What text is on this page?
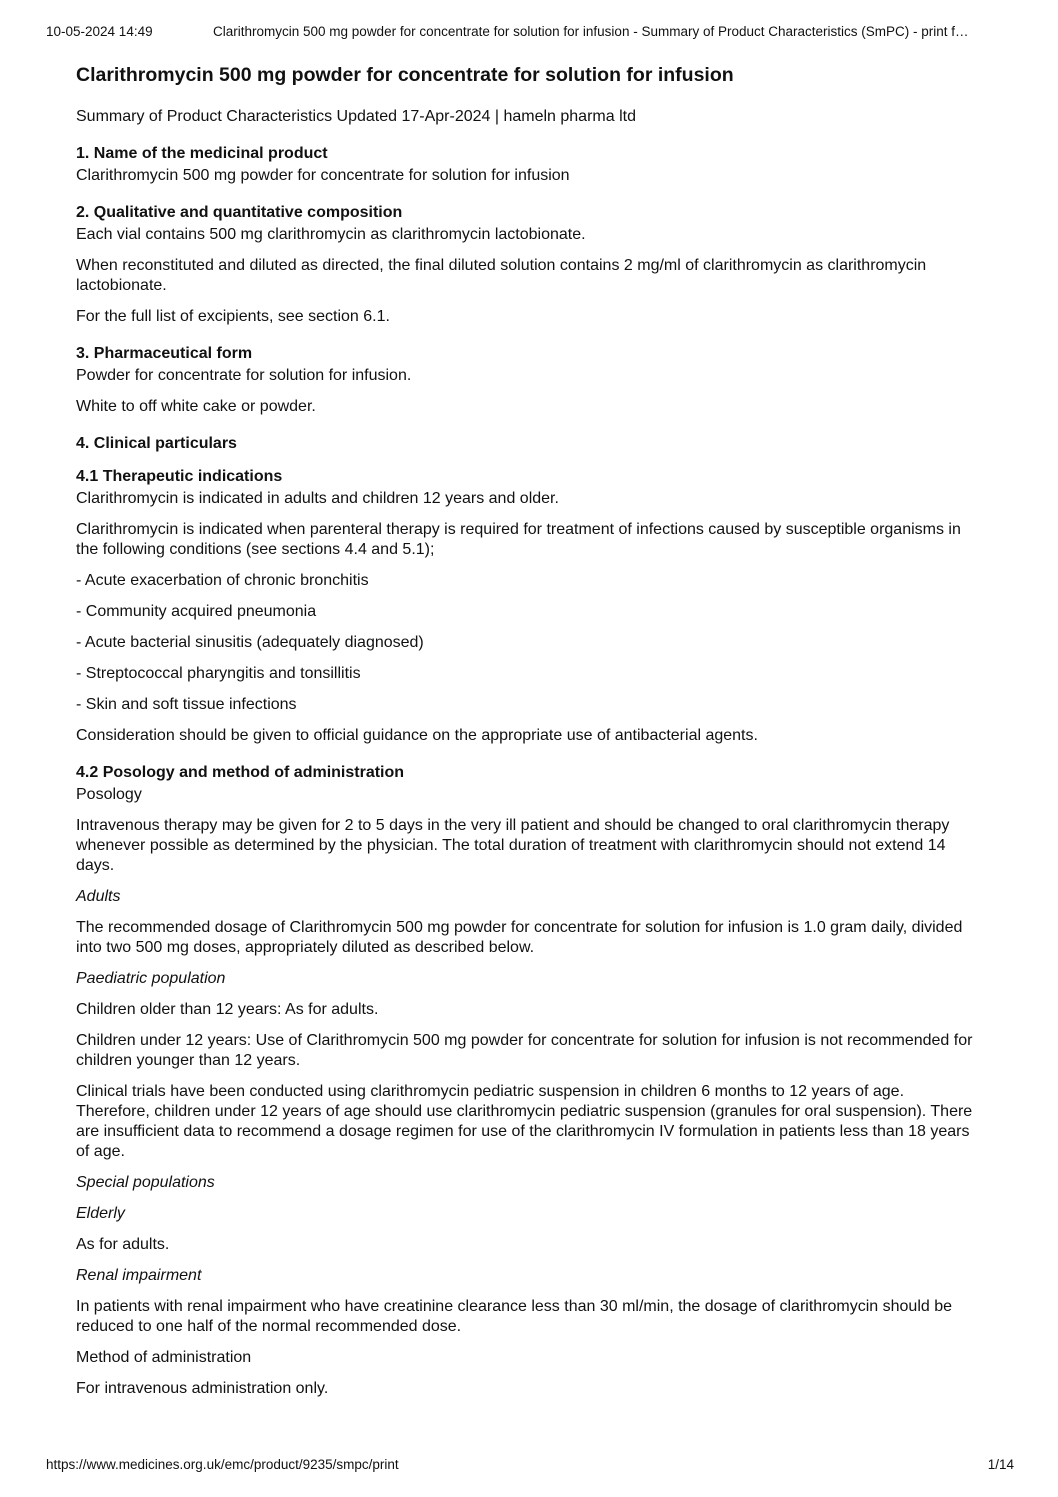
10-05-2024 14:49	Clarithromycin 500 mg powder for concentrate for solution for infusion - Summary of Product Characteristics (SmPC) - print f…
Clarithromycin 500 mg powder for concentrate for solution for infusion

Summary of Product Characteristics Updated 17-Apr-2024 | hameln pharma ltd

1. Name of the medicinal product

Clarithromycin 500 mg powder for concentrate for solution for infusion

2. Qualitative and quantitative composition

Each vial contains 500 mg clarithromycin as clarithromycin lactobionate.

When reconstituted and diluted as directed, the final diluted solution contains 2 mg/ml of clarithromycin as clarithromycin lactobionate.

For the full list of excipients, see section 6.1.

3. Pharmaceutical form

Powder for concentrate for solution for infusion.

White to off white cake or powder.

4. Clinical particulars
4.1 Therapeutic indications

Clarithromycin is indicated in adults and children 12 years and older.

Clarithromycin is indicated when parenteral therapy is required for treatment of infections caused by susceptible organisms in the following conditions (see sections 4.4 and 5.1);

- Acute exacerbation of chronic bronchitis

- Community acquired pneumonia

- Acute bacterial sinusitis (adequately diagnosed)

- Streptococcal pharyngitis and tonsillitis

- Skin and soft tissue infections

Consideration should be given to official guidance on the appropriate use of antibacterial agents.

4.2 Posology and method of administration

Posology

Intravenous therapy may be given for 2 to 5 days in the very ill patient and should be changed to oral clarithromycin therapy whenever possible as determined by the physician. The total duration of treatment with clarithromycin should not extend 14 days.

Adults

The recommended dosage of Clarithromycin 500 mg powder for concentrate for solution for infusion is 1.0 gram daily, divided into two 500 mg doses, appropriately diluted as described below.

Paediatric population

Children older than 12 years: As for adults.

Children under 12 years: Use of Clarithromycin 500 mg powder for concentrate for solution for infusion is not recommended for children younger than 12 years.

Clinical trials have been conducted using clarithromycin pediatric suspension in children 6 months to 12 years of age. Therefore, children under 12 years of age should use clarithromycin pediatric suspension (granules for oral suspension). There are insufficient data to recommend a dosage regimen for use of the clarithromycin IV formulation in patients less than 18 years of age.

Special populations

Elderly

As for adults.

Renal impairment

In patients with renal impairment who have creatinine clearance less than 30 ml/min, the dosage of clarithromycin should be reduced to one half of the normal recommended dose.

Method of administration

For intravenous administration only.

https://www.medicines.org.uk/emc/product/9235/smpc/print	1/14
